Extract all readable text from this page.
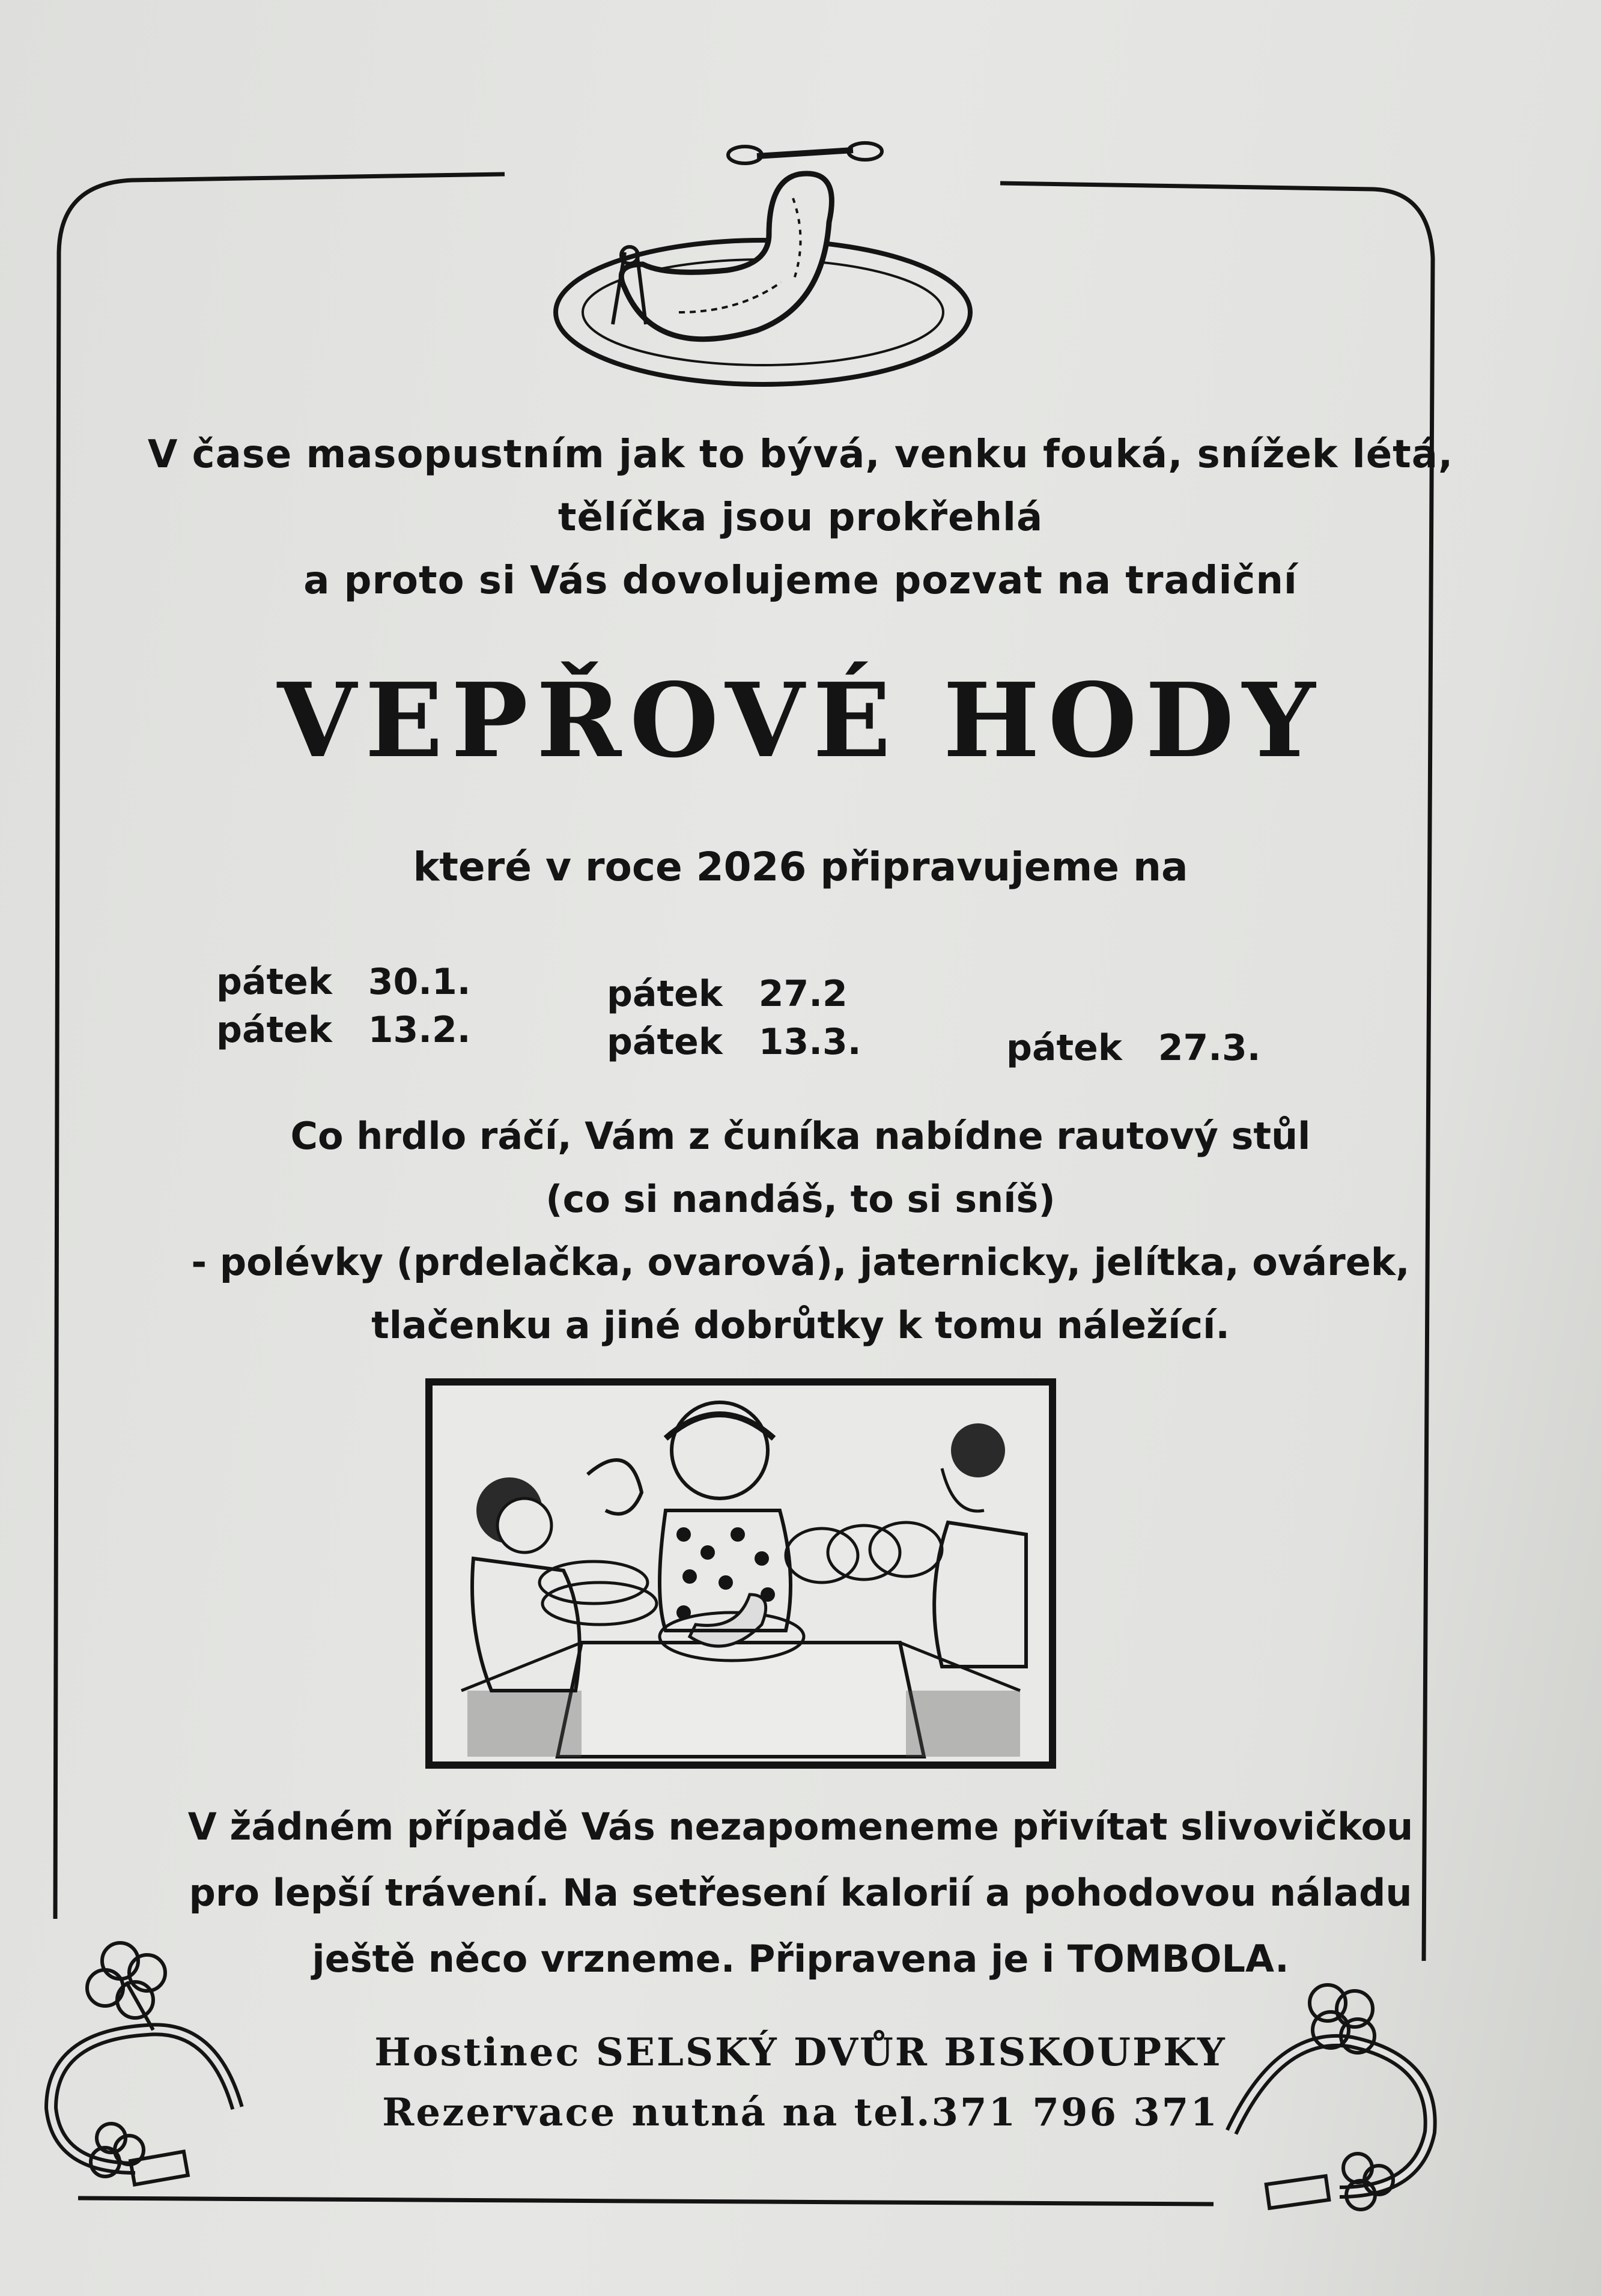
V čase masopustním jak to bývá, venku fouká, snížek létá,
tělíčka jsou prokřehlá
a proto si Vás dovolujeme pozvat na tradiční
VEPŘOVÉ HODY
které v roce 2026 připravujeme na
pátek 30.1.
pátek 13.2.
pátek 27.2
pátek 13.3.	pátek 27.3.
Co hrdlo ráčí, Vám z čuníka nabídne rautový stůl
(co si nandáš, to si sníš)
- polévky (prdelačka, ovarová), jaternicky, jelítka, ovárek,
tlačenku a jiné dobrůtky k tomu náležící.
V žádném případě Vás nezapomeneme přivítat slivovičkou
pro lepší trávení. Na setřesení kalorií a pohodovou náladu
ještě něco vrzneme. Připravena je i TOMBOLA.
Hostinec SELSKÝ DVŮR BISKOUPKY
Rezervace nutná na tel.371 796 371
